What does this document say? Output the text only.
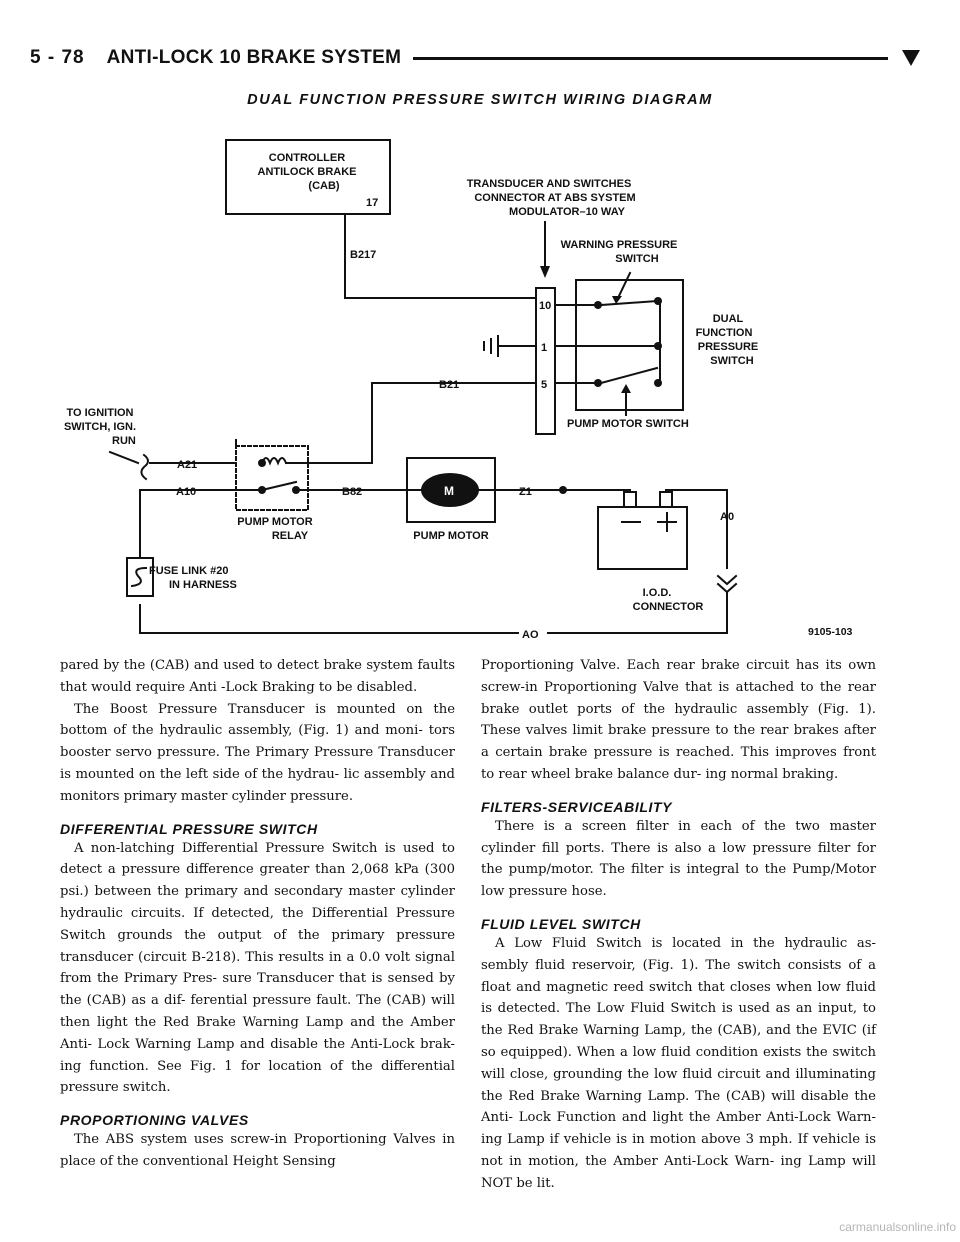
5 - 78 ANTI-LOCK 10 BRAKE SYSTEM
DUAL FUNCTION PRESSURE SWITCH WIRING DIAGRAM
M
CONTROLLER
ANTILOCK BRAKE
(CAB)
17
TRANSDUCER AND SWITCHES
CONNECTOR AT ABS SYSTEM
MODULATOR–10 WAY
WARNING PRESSURE
SWITCH
B217
10
1
5
DUAL
FUNCTION
PRESSURE
SWITCH
B21
PUMP MOTOR SWITCH
TO IGNITION
SWITCH, IGN.
RUN
A21
A10	B82	Z1
A0
PUMP MOTOR
RELAY	PUMP MOTOR
FUSE LINK #20
IN HARNESS
I.O.D.
CONNECTOR
AO	9105-103

pared by the (CAB) and used to detect brake system faults that would require Anti -Lock Braking to be disabled.

The Boost Pressure Transducer is mounted on the bottom of the hydraulic assembly, (Fig. 1) and moni- tors booster servo pressure. The Primary Pressure Transducer is mounted on the left side of the hydrau- lic assembly and monitors primary master cylinder pressure.

DIFFERENTIAL PRESSURE SWITCH

A non-latching Differential Pressure Switch is used to detect a pressure difference greater than 2,068 kPa (300 psi.) between the primary and secondary master cylinder hydraulic circuits. If detected, the Differential Pressure Switch grounds the output of the primary pressure transducer (circuit B-218). This results in a 0.0 volt signal from the Primary Pres- sure Transducer that is sensed by the (CAB) as a dif- ferential pressure fault. The (CAB) will then light the Red Brake Warning Lamp and the Amber Anti- Lock Warning Lamp and disable the Anti-Lock brak- ing function. See Fig. 1 for location of the differential pressure switch.

PROPORTIONING VALVES

The ABS system uses screw-in Proportioning Valves in place of the conventional Height Sensing

Proportioning Valve. Each rear brake circuit has its own screw-in Proportioning Valve that is attached to the rear brake outlet ports of the hydraulic assembly (Fig. 1). These valves limit brake pressure to the rear brakes after a certain brake pressure is reached. This improves front to rear wheel brake balance dur- ing normal braking.

FILTERS-SERVICEABILITY

There is a screen filter in each of the two master cylinder fill ports. There is also a low pressure filter for the pump/motor. The filter is integral to the Pump/Motor low pressure hose.

FLUID LEVEL SWITCH

A Low Fluid Switch is located in the hydraulic as- sembly fluid reservoir, (Fig. 1). The switch consists of a float and magnetic reed switch that closes when low fluid is detected. The Low Fluid Switch is used as an input, to the Red Brake Warning Lamp, the (CAB), and the EVIC (if so equipped). When a low fluid condition exists the switch will close, grounding the low fluid circuit and illuminating the Red Brake Warning Lamp. The (CAB) will disable the Anti- Lock Function and light the Amber Anti-Lock Warn- ing Lamp if vehicle is in motion above 3 mph. If vehicle is not in motion, the Amber Anti-Lock Warn- ing Lamp will NOT be lit.

carmanualsonline.info
